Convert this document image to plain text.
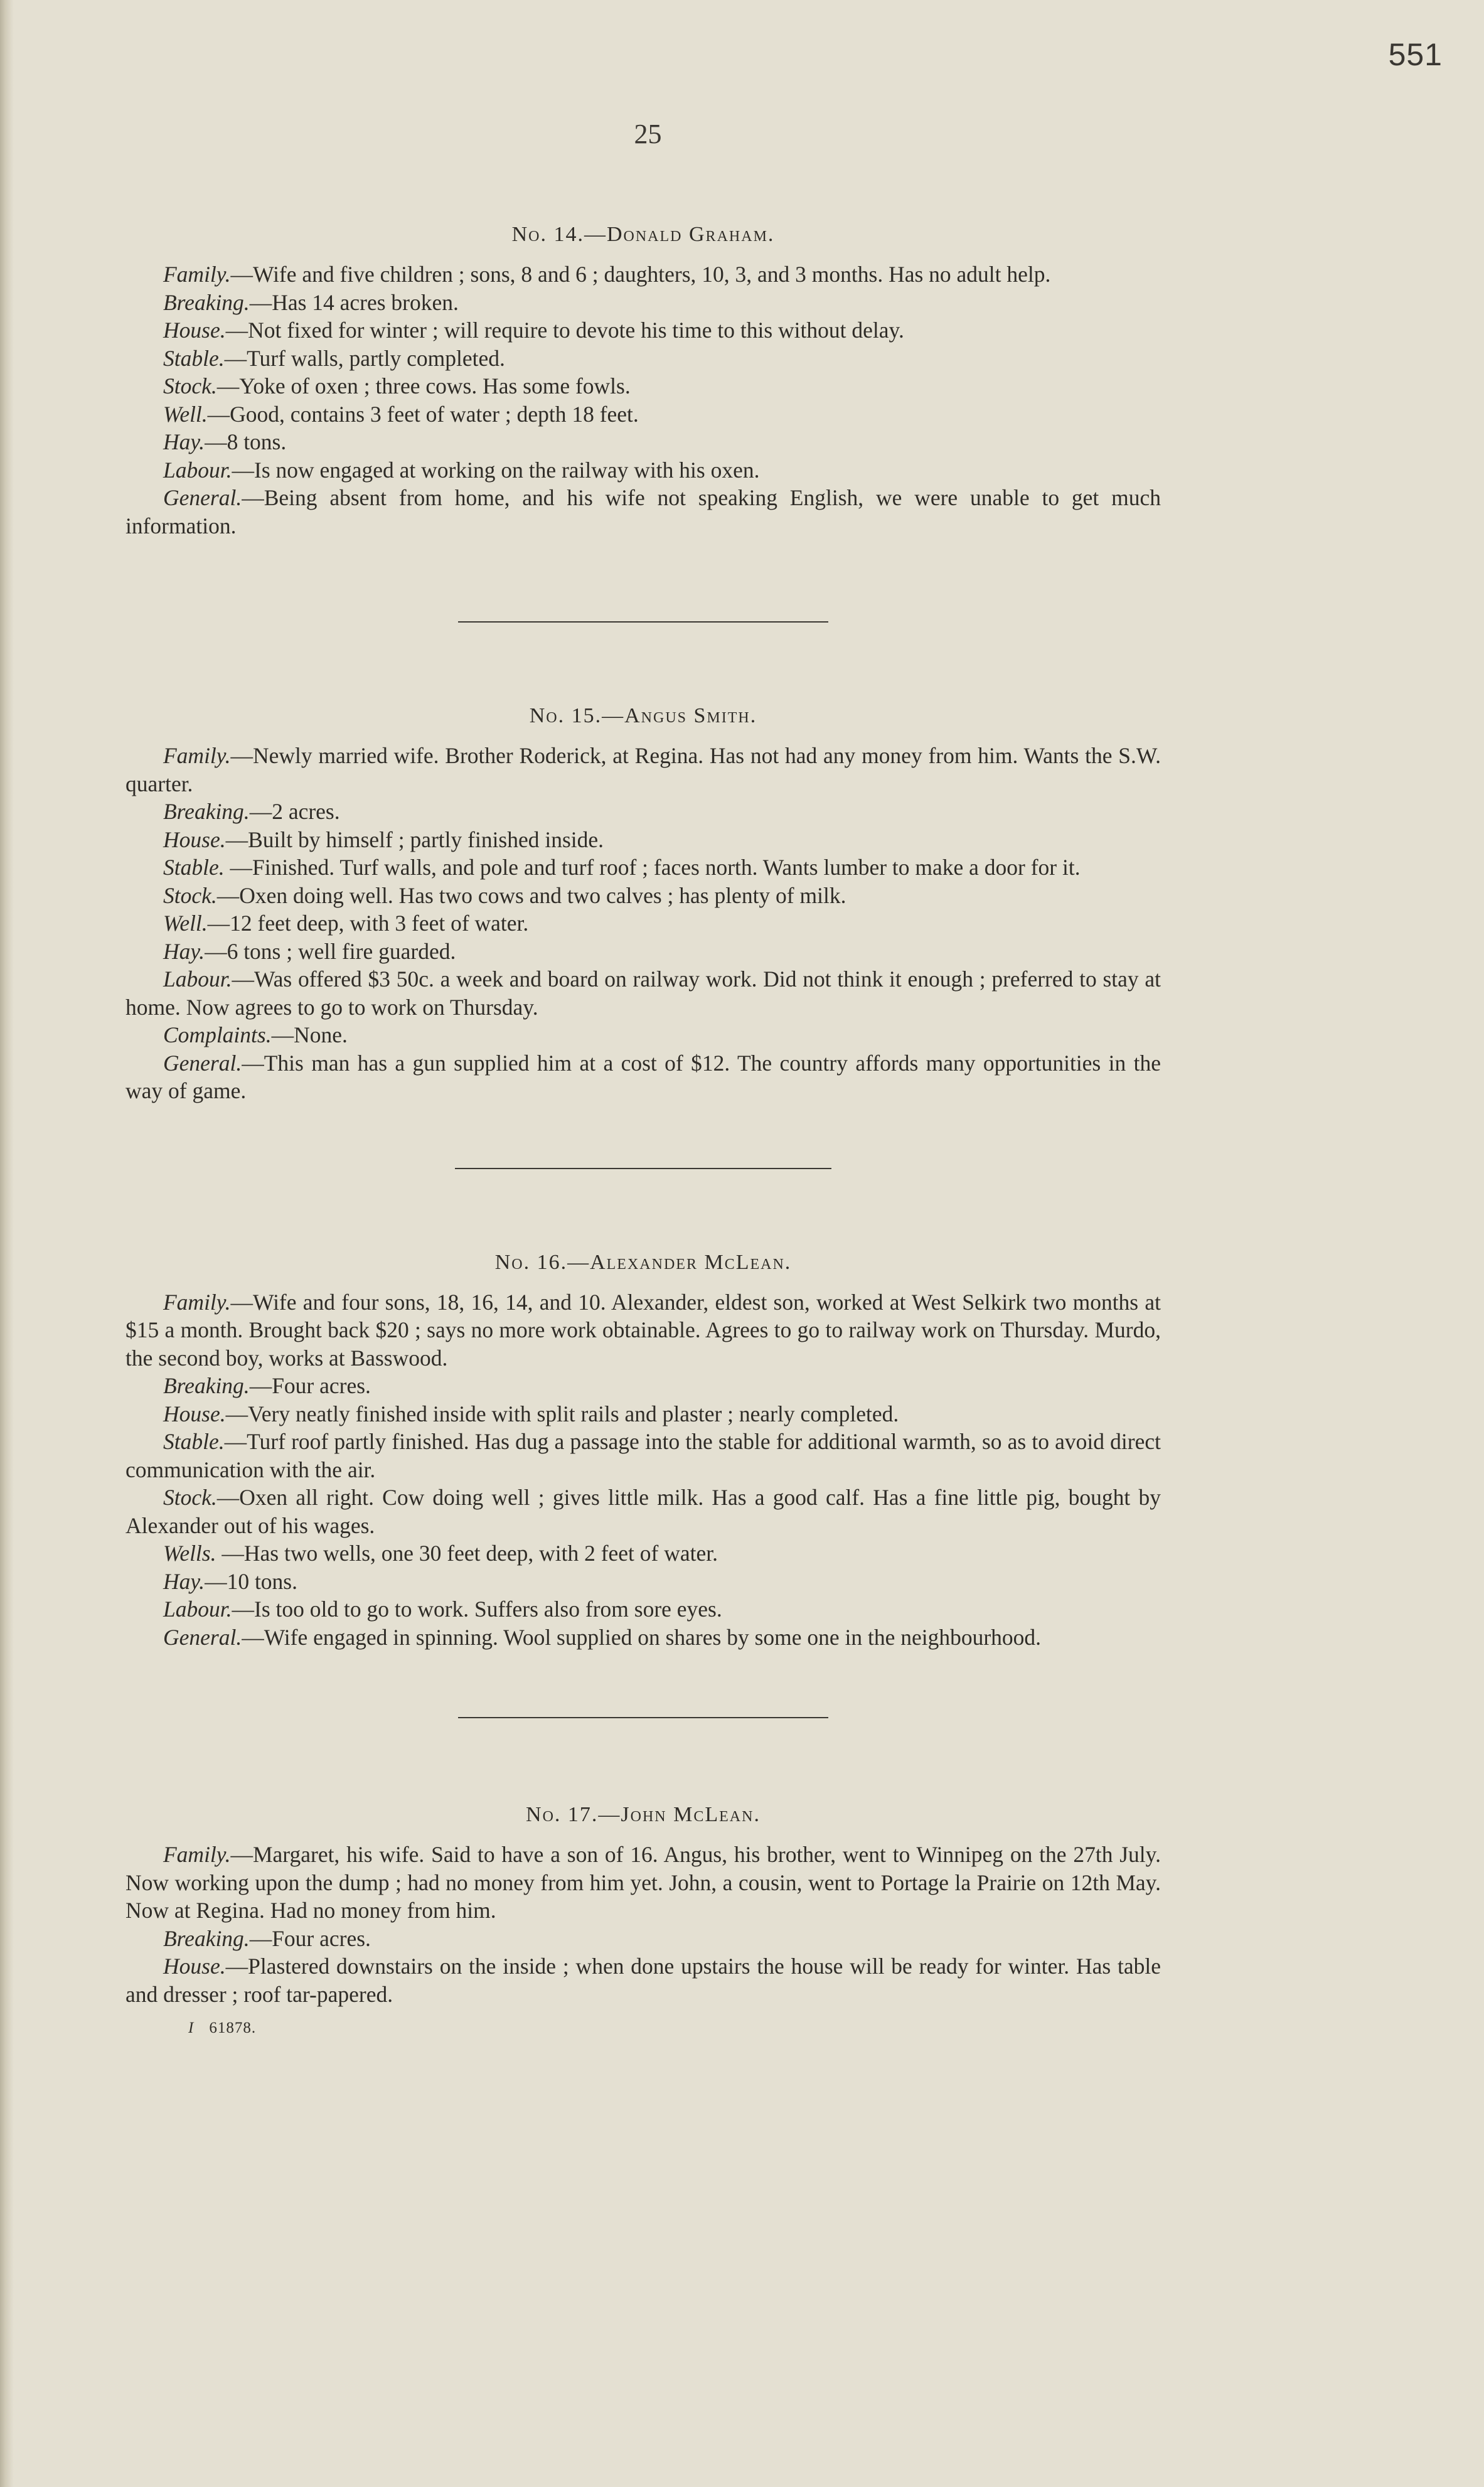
551
25
No. 14.—Donald Graham.

Family.—Wife and five children ; sons, 8 and 6 ; daughters, 10, 3, and 3 months. Has no adult help.

Breaking.—Has 14 acres broken.

House.—Not fixed for winter ; will require to devote his time to this without delay.

Stable.—Turf walls, partly completed.

Stock.—Yoke of oxen ; three cows. Has some fowls.

Well.—Good, contains 3 feet of water ; depth 18 feet.

Hay.—8 tons.

Labour.—Is now engaged at working on the railway with his oxen.

General.—Being absent from home, and his wife not speaking English, we were unable to get much information.

No. 15.—Angus Smith.

Family.—Newly married wife. Brother Roderick, at Regina. Has not had any money from him. Wants the S.W. quarter.

Breaking.—2 acres.

House.—Built by himself ; partly finished inside.

Stable. —Finished. Turf walls, and pole and turf roof ; faces north. Wants lumber to make a door for it.

Stock.—Oxen doing well. Has two cows and two calves ; has plenty of milk.

Well.—12 feet deep, with 3 feet of water.

Hay.—6 tons ; well fire guarded.

Labour.—Was offered $3 50c. a week and board on railway work. Did not think it enough ; preferred to stay at home. Now agrees to go to work on Thursday.

Complaints.—None.

General.—This man has a gun supplied him at a cost of $12. The country affords many opportunities in the way of game.

No. 16.—Alexander McLean.

Family.—Wife and four sons, 18, 16, 14, and 10. Alexander, eldest son, worked at West Selkirk two months at $15 a month. Brought back $20 ; says no more work obtainable. Agrees to go to railway work on Thursday. Murdo, the second boy, works at Basswood.

Breaking.—Four acres.

House.—Very neatly finished inside with split rails and plaster ; nearly completed.

Stable.—Turf roof partly finished. Has dug a passage into the stable for additional warmth, so as to avoid direct communication with the air.

Stock.—Oxen all right. Cow doing well ; gives little milk. Has a good calf. Has a fine little pig, bought by Alexander out of his wages.

Wells. —Has two wells, one 30 feet deep, with 2 feet of water.

Hay.—10 tons.

Labour.—Is too old to go to work. Suffers also from sore eyes.

General.—Wife engaged in spinning. Wool supplied on shares by some one in the neighbourhood.

No. 17.—John McLean.

Family.—Margaret, his wife. Said to have a son of 16. Angus, his brother, went to Winnipeg on the 27th July. Now working upon the dump ; had no money from him yet. John, a cousin, went to Portage la Prairie on 12th May. Now at Regina. Had no money from him.

Breaking.—Four acres.

House.—Plastered downstairs on the inside ; when done upstairs the house will be ready for winter. Has table and dresser ; roof tar-papered.

I 61878.
